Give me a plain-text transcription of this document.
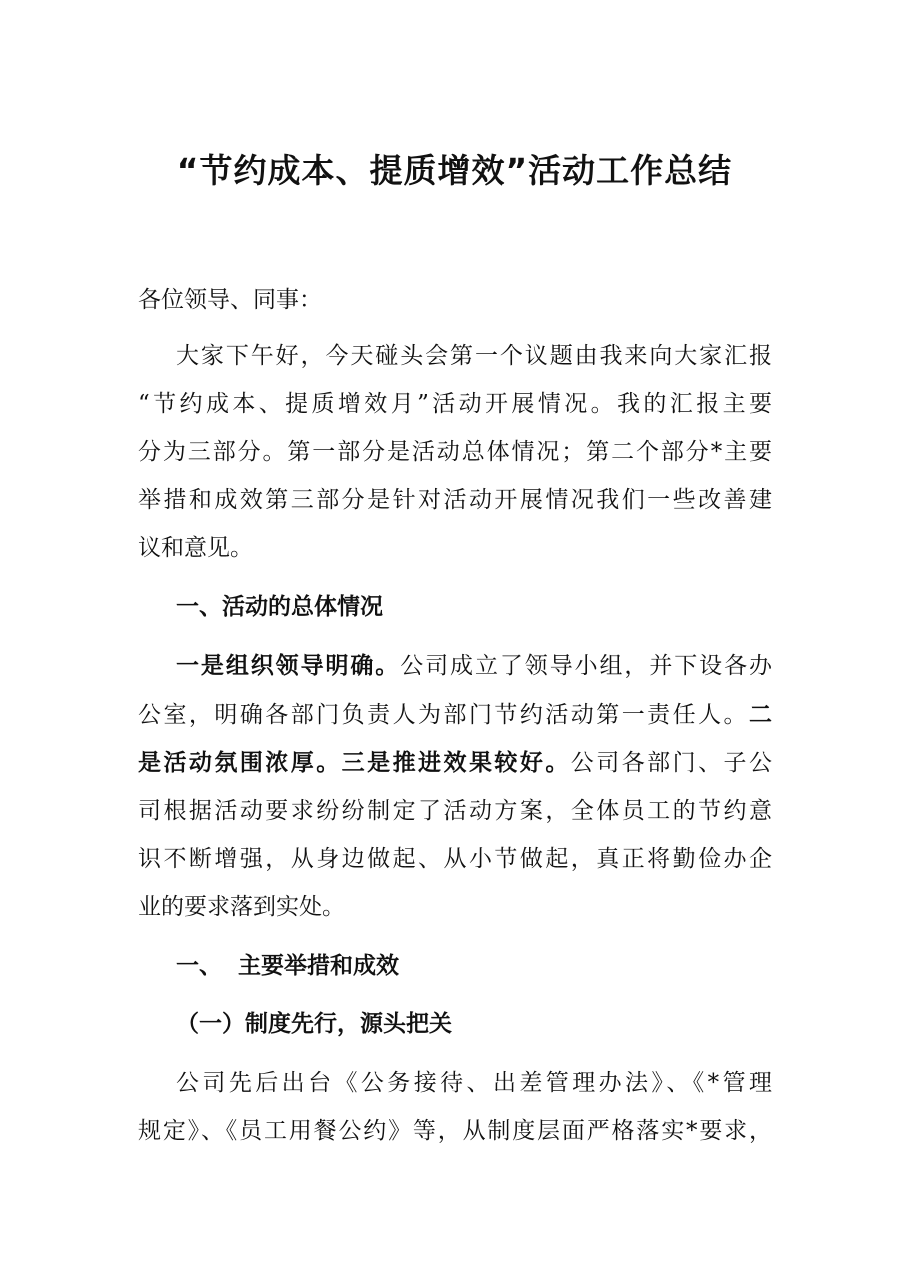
“节约成本、提质增效”活动工作总结
各位领导、同事：
大家下午好，今天碰头会第一个议题由我来向大家汇报
“节约成本、提质增效月”活动开展情况。我的汇报主要
分为三部分。第一部分是活动总体情况；第二个部分*主要
举措和成效第三部分是针对活动开展情况我们一些改善建
议和意见。
一、活动的总体情况
一是组织领导明确。公司成立了领导小组，并下设各办
公室，明确各部门负责人为部门节约活动第一责任人。二
是活动氛围浓厚。三是推进效果较好。公司各部门、子公
司根据活动要求纷纷制定了活动方案，全体员工的节约意
识不断增强，从身边做起、从小节做起，真正将勤俭办企
业的要求落到实处。
一、  主要举措和成效
（一）制度先行，源头把关
公司先后出台《公务接待、出差管理办法》、《*管理
规定》、《员工用餐公约》等，从制度层面严格落实*要求，
